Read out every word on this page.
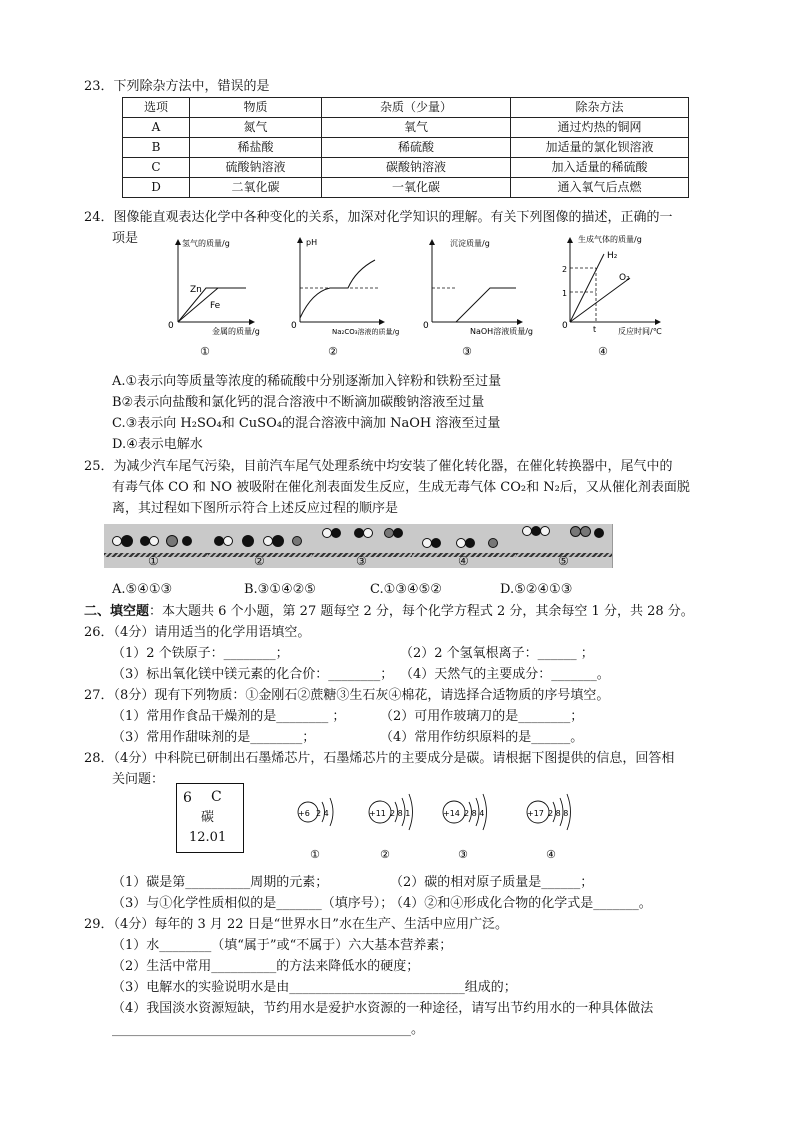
23．下列除杂方法中，错误的是
选项	物质	杂质（少量）	除杂方法
A	氮气	氧气	通过灼热的铜网
B	稀盐酸	稀硫酸	加适量的氯化钡溶液
C	硫酸钠溶液	碳酸钠溶液	加入适量的稀硫酸
D	二氧化碳	一氧化碳	通入氧气后点燃
24．图像能直观表达化学中各种变化的关系，加深对化学知识的理解。有关下列图像的描述，正确的一
项是	氢气的质量/g
金属的质量/g
0
Zn
Fe
①
pH
Na₂CO₃溶液的质量/g
0
②
沉淀质量/g
NaOH溶液质量/g
0
③
生成气体的质量/g
反应时间/℃
0
2
1
H₂
O₂
t
④
A.①表示向等质量等浓度的稀硫酸中分别逐渐加入锌粉和铁粉至过量
B②表示向盐酸和氯化钙的混合溶液中不断滴加碳酸钠溶液至过量
C.③表示向 H₂SO₄和 CuSO₄的混合溶液中滴加 NaOH 溶液至过量
D.④表示电解水
25．为减少汽车尾气污染，目前汽车尾气处理系统中均安装了催化转化器，在催化转换器中，尾气中的
有毒气体 CO 和 NO 被吸附在催化剂表面发生反应，生成无毒气体 CO₂和 N₂后，又从催化剂表面脱
离，其过程如下图所示符合上述反应过程的顺序是
①	②	③	④	⑤
A.⑤④①③	B.③①④②⑤	C.①③④⑤②	D.⑤②④①③
二、填空题：本大题共 6 个小题，第 27 题每空 2 分，每个化学方程式 2 分，其余每空 1 分，共 28 分。
26．（4分）请用适当的化学用语填空。
（1）2 个铁原子：________；	（2）2 个氢氧根离子：______ ；
（3）标出氧化镁中镁元素的化合价：________； （4）天然气的主要成分：_______。
27．（8分）现有下列物质：①金刚石②蔗糖③生石灰④棉花，请选择合适物质的序号填空。
（1）常用作食品干燥剂的是________ ；	（2）可用作玻璃刀的是________；
（3）常用作甜味剂的是________；	（4）常用作纺织原料的是______。
28．（4分）中科院已研制出石墨烯芯片，石墨烯芯片的主要成分是碳。请根据下图提供的信息，回答相
关问题：
6 C
碳
12.01
+6 2 4
①
+11 2 8 1
②
+14 2 8 4
③
+17 2 8 8
④
（1）碳是第__________周期的元素；	（2）碳的相对原子质量是______；
（3）与①化学性质相似的是_______（填序号）；
（4）②和④形成化合物的化学式是_______。
29．（4分）每年的 3 月 22 日是“世界水日”水在生产、生活中应用广泛。
（1）水________（填“属于”或“不属于）六大基本营养素；
（2）生活中常用__________的方法来降低水的硬度；
（3）电解水的实验说明水是由___________________________组成的；
（4）我国淡水资源短缺，节约用水是爱护水资源的一种途径，请写出节约用水的一种具体做法
______________________________________________。
